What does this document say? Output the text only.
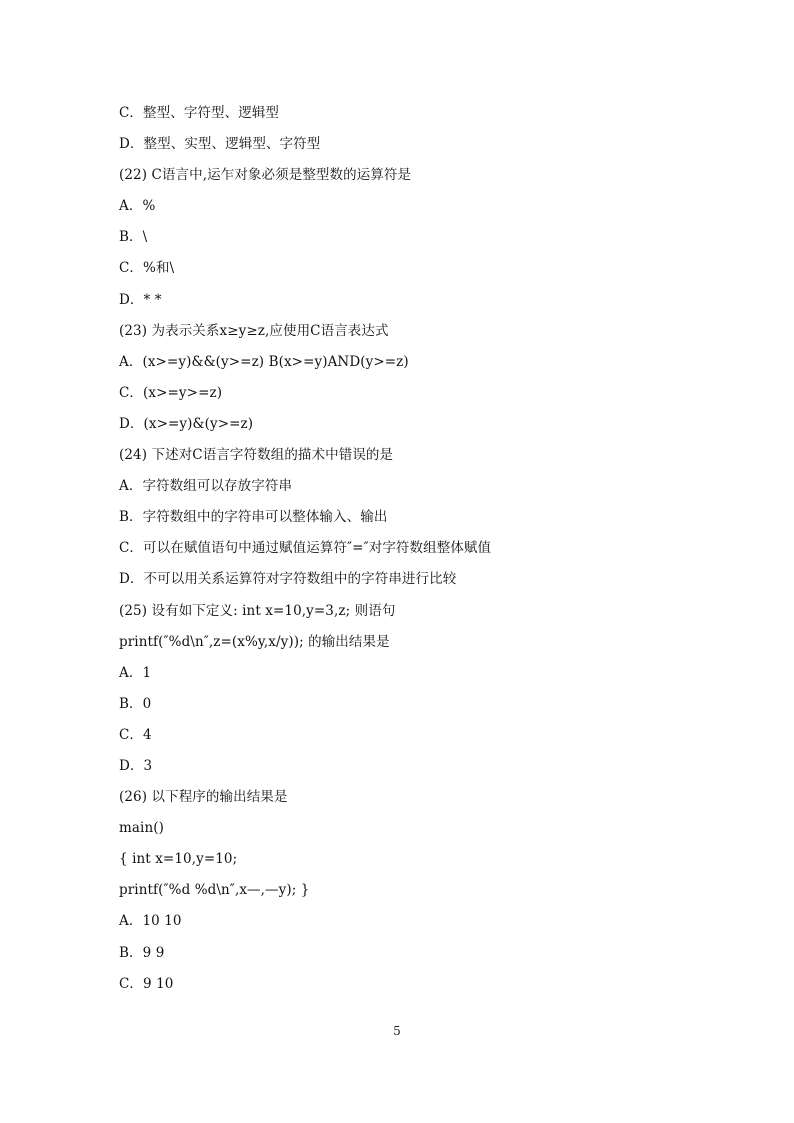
C．整型、字符型、逻辑型
D．整型、实型、逻辑型、字符型
(22) C语言中,运乍对象必须是整型数的运算符是
A．%
B．\
C．%和\
D．* *
(23) 为表示关系x≥y≥z,应使用C语言表达式
A．(x>=y)&&(y>=z) B(x>=y)AND(y>=z)
C．(x>=y>=z)
D．(x>=y)&(y>=z)
(24) 下述对C语言字符数组的描术中错误的是
A．字符数组可以存放字符串
B．字符数组中的字符串可以整体输入、输出
C．可以在赋值语句中通过赋值运算符″=″对字符数组整体赋值
D．不可以用关系运算符对字符数组中的字符串进行比较
(25) 设有如下定义: int x=10,y=3,z; 则语句
printf(″%d\n″,z=(x%y,x/y)); 的输出结果是
A．1
B．0
C．4
D．3
(26) 以下程序的输出结果是
main()
{ int x=10,y=10;
printf(″%d %d\n″,x—,—y); }
A．10 10
B．9 9
C．9 10
5
